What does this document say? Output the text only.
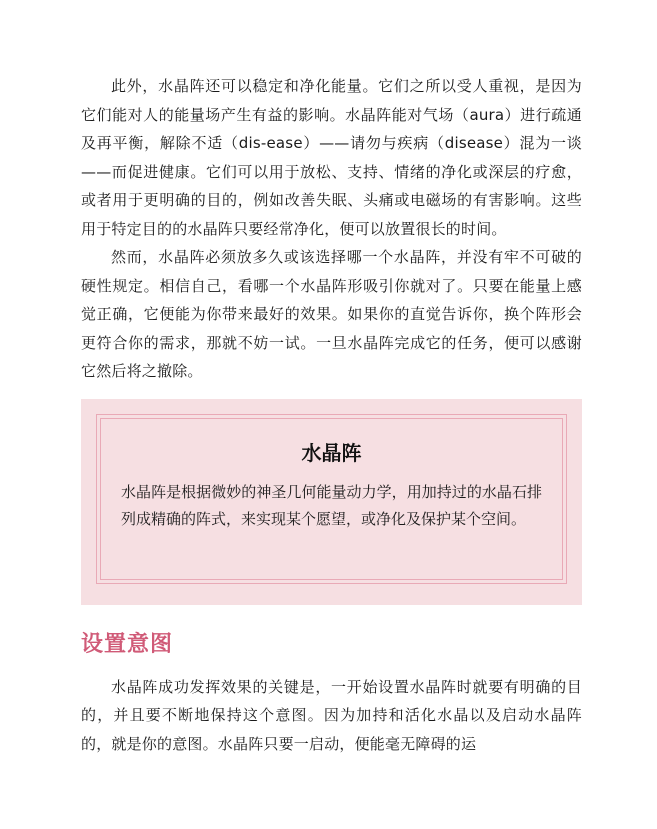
此外，水晶阵还可以稳定和净化能量。它们之所以受人重视，是因为它们能对人的能量场产生有益的影响。水晶阵能对气场（aura）进行疏通及再平衡，解除不适（dis-ease）——请勿与疾病（disease）混为一谈——而促进健康。它们可以用于放松、支持、情绪的净化或深层的疗愈，或者用于更明确的目的，例如改善失眠、头痛或电磁场的有害影响。这些用于特定目的的水晶阵只要经常净化，便可以放置很长的时间。

然而，水晶阵必须放多久或该选择哪一个水晶阵，并没有牢不可破的硬性规定。相信自己，看哪一个水晶阵形吸引你就对了。只要在能量上感觉正确，它便能为你带来最好的效果。如果你的直觉告诉你，换个阵形会更符合你的需求，那就不妨一试。一旦水晶阵完成它的任务，便可以感谢它然后将之撤除。

水晶阵

水晶阵是根据微妙的神圣几何能量动力学，用加持过的水晶石排列成精确的阵式，来实现某个愿望，或净化及保护某个空间。

设置意图

水晶阵成功发挥效果的关键是，一开始设置水晶阵时就要有明确的目的，并且要不断地保持这个意图。因为加持和活化水晶以及启动水晶阵的，就是你的意图。水晶阵只要一启动，便能毫无障碍的运
